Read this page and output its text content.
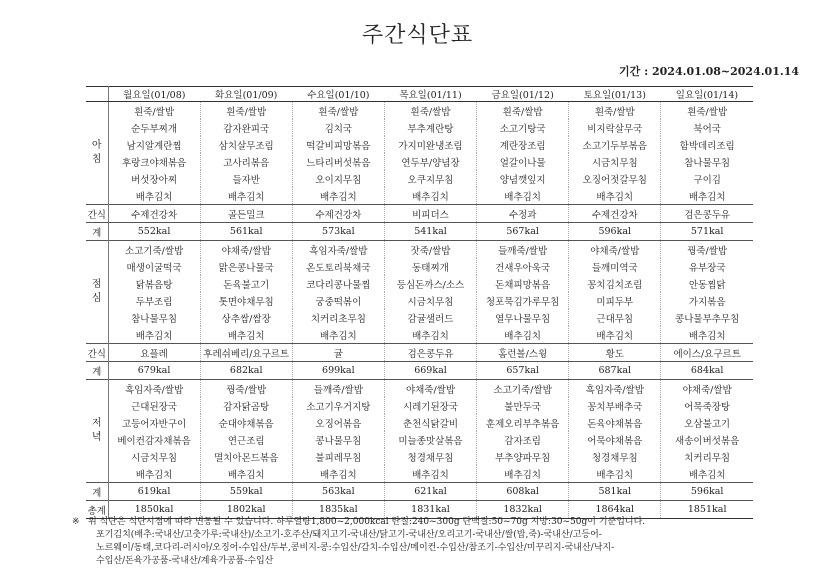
주간식단표
기간 : 2024.01.08~2024.01.14
	월요일(01/08)	화요일(01/09)	수요일(01/10)	목요일(01/11)	금요일(01/12)	토요일(01/13)	일요일(01/14)

아
침	흰죽/쌀밥	흰죽/쌀밥	흰죽/쌀밥	흰죽/쌀밥	흰죽/쌀밥	흰죽/쌀밥	흰죽/쌀밥
	순두부찌개	감자완피국	김치국	부추계란탕	소고기탕국	비지락살무국	북어국
	남지알계란찜	삼치살무조림	떡갈비피망볶음	가지미완냉조림	계란장조림	소고기두부볶음	함박데리조림
	후랑크야채볶음	고사리볶음	느타리버섯볶음	연두부/양념장	얼갈이나물	시금치무침	참나물무침
	버섯장아찌	들자반	오이지무침	오쿠지무침	양념깻잎지	오징어젓갈무침	구이김
	배추김치	배추김치	배추김치	배추김치	배추김치	배추김치	배추김치
간식	수제건강차	골든밀크	수제건강차	비피더스	수정과	수제건강차	검은콩두유
계	552kal	561kal	573kal	541kal	567kal	596kal	571kal

점
심	소고기죽/쌀밥	야채죽/쌀밥	흑임자죽/쌀밥	잣죽/쌀밥	들깨죽/쌀밥	야채죽/쌀밥	꿩죽/쌀밥
	매생이굴떡국	맑은콩나물국	온도토리북채국	동태찌개	건새우아욱국	들깨미역국	유부장국
	닭볶음탕	돈육불고기	코다리콩나물찜	등심돈까스/소스	돈채피망볶음	꽁치김치조림	안동찜닭
	두부조림	톳면야채무침	궁중떡볶이	시금치무침	청포묵김가루무침	미피두부	가지볶음
	참나물무침	상추쌈/쌈장	치커리초무침	감귤샐러드	열무나물무침	근대무침	콩나물부추무침
	배추김치	배추김치	배추김치	배추김치	배추김치	배추김치	배추김치
간식	요플레	후레쉬베리/요구르트	귤	검은콩두유	홈런볼/스윙	황도	에이스/요구르트
계	679kal	682kal	699kal	669kal	657kal	687kal	684kal

저
녁	흑임자죽/쌀밥	꿩죽/쌀밥	들깨죽/쌀밥	야채죽/쌀밥	소고기죽/쌀밥	흑임자죽/쌀밥	야채죽/쌀밥
	근대된장국	감자닭곰탕	소고기우거지탕	시레기된장국	불만두국	꽁치부배추국	어묵죽장탕
	고등어자반구이	순대야채볶음	오징어볶음	춘천식닭갈비	훈제오리부추볶음	돈육야채볶음	오삼불고기
	베이컨감자채볶음	연근조림	콩나물무침	미늘종맛살볶음	감자조림	어묵야채볶음	새송이버섯볶음
	시금치무침	멸치아몬드볶음	불피레무침	청경채무침	부추양파무침	청경채무침	치커리무침
	배추김치	배추김치	배추김치	배추김치	배추김치	배추김치	배추김치
계	619kal	559kal	563kal	621kal	608kal	581kal	596kal
총계	1850kal	1802kal	1835kal	1831kal	1832kal	1864kal	1851kal
※ 위 식단은 식단시점에 따라 변동될 수 있습니다. 하루열량1,800~2,000kcal 탄질:240~300g 단백질:50~70g 지방:30~50g이 기준입니다.
포기김치(배추:국내산/고춧가루:국내산)/소고기-호주산/돼지고기-국내산/닭고기-국내산/오리고기-국내산/쌀(밥,죽)-국내산/고등어-
노르웨이/동태,코다리-러시아/오징어-수입산/두부,콩비지-콩:수입산/감치-수입산/메이컨-수입산/참조기-수입산/미꾸리지-국내산/낙지-
수입산/돈육가공품-국내산/계육가공품-수입산
